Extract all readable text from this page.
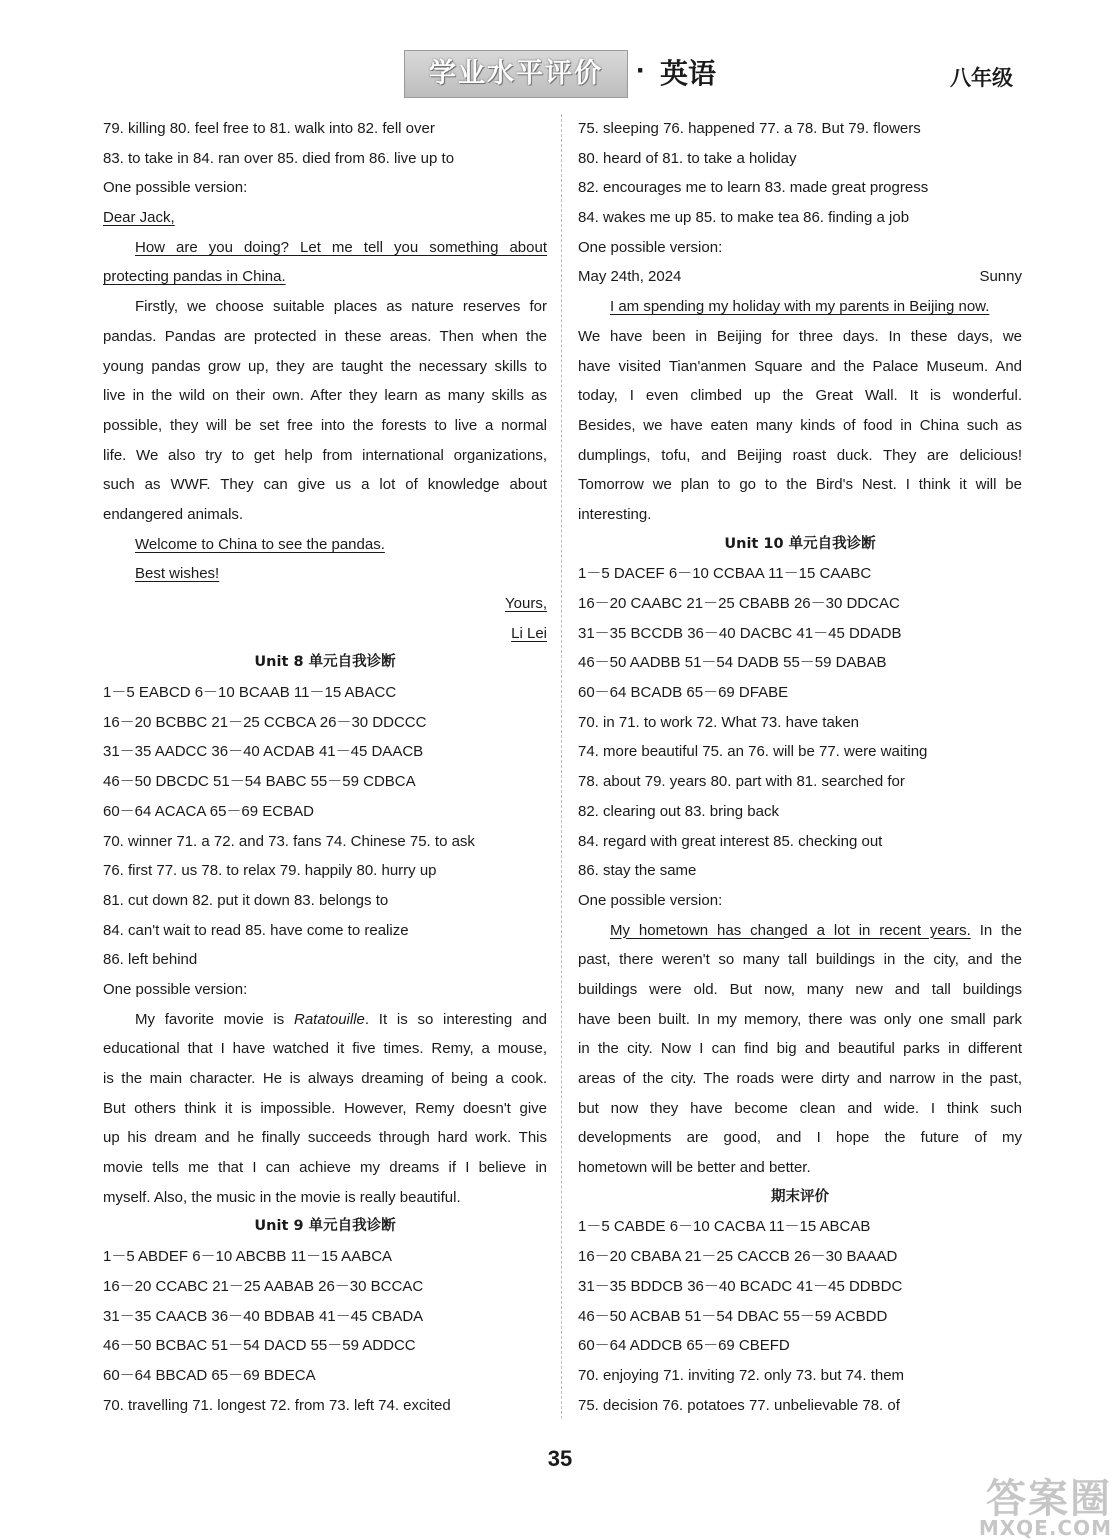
学业水平评价	· 英语	八年级
79. killing 80. feel free to 81. walk into 82. fell over
83. to take in 84. ran over 85. died from 86. live up to
One possible version:
Dear Jack,
How are you doing? Let me tell you something about
protecting pandas in China.
Firstly, we choose suitable places as nature reserves for
pandas. Pandas are protected in these areas. Then when the
young pandas grow up, they are taught the necessary skills to
live in the wild on their own. After they learn as many skills as
possible, they will be set free into the forests to live a normal
life. We also try to get help from international organizations,
such as WWF. They can give us a lot of knowledge about
endangered animals.
Welcome to China to see the pandas.
Best wishes!
Yours,
Li Lei
Unit 8 单元自我诊断
1－5 EABCD 6－10 BCAAB 11－15 ABACC
16－20 BCBBC 21－25 CCBCA 26－30 DDCCC
31－35 AADCC 36－40 ACDAB 41－45 DAACB
46－50 DBCDC 51－54 BABC 55－59 CDBCA
60－64 ACACA 65－69 ECBAD
70. winner 71. a 72. and 73. fans 74. Chinese 75. to ask
76. first 77. us 78. to relax 79. happily 80. hurry up
81. cut down 82. put it down 83. belongs to
84. can't wait to read 85. have come to realize
86. left behind
One possible version:
My favorite movie is Ratatouille. It is so interesting and
educational that I have watched it five times. Remy, a mouse,
is the main character. He is always dreaming of being a cook.
But others think it is impossible. However, Remy doesn't give
up his dream and he finally succeeds through hard work. This
movie tells me that I can achieve my dreams if I believe in
myself. Also, the music in the movie is really beautiful.
Unit 9 单元自我诊断
1－5 ABDEF 6－10 ABCBB 11－15 AABCA
16－20 CCABC 21－25 AABAB 26－30 BCCAC
31－35 CAACB 36－40 BDBAB 41－45 CBADA
46－50 BCBAC 51－54 DACD 55－59 ADDCC
60－64 BBCAD 65－69 BDECA
70. travelling 71. longest 72. from 73. left 74. excited
75. sleeping 76. happened 77. a 78. But 79. flowers
80. heard of 81. to take a holiday
82. encourages me to learn 83. made great progress
84. wakes me up 85. to make tea 86. finding a job
One possible version:
May 24th, 2024	Sunny
I am spending my holiday with my parents in Beijing now.
We have been in Beijing for three days. In these days, we
have visited Tian'anmen Square and the Palace Museum. And
today, I even climbed up the Great Wall. It is wonderful.
Besides, we have eaten many kinds of food in China such as
dumplings, tofu, and Beijing roast duck. They are delicious!
Tomorrow we plan to go to the Bird's Nest. I think it will be
interesting.
Unit 10 单元自我诊断
1－5 DACEF 6－10 CCBAA 11－15 CAABC
16－20 CAABC 21－25 CBABB 26－30 DDCAC
31－35 BCCDB 36－40 DACBC 41－45 DDADB
46－50 AADBB 51－54 DADB 55－59 DABAB
60－64 BCADB 65－69 DFABE
70. in 71. to work 72. What 73. have taken
74. more beautiful 75. an 76. will be 77. were waiting
78. about 79. years 80. part with 81. searched for
82. clearing out 83. bring back
84. regard with great interest 85. checking out
86. stay the same
One possible version:
My hometown has changed a lot in recent years. In the
past, there weren't so many tall buildings in the city, and the
buildings were old. But now, many new and tall buildings
have been built. In my memory, there was only one small park
in the city. Now I can find big and beautiful parks in different
areas of the city. The roads were dirty and narrow in the past,
but now they have become clean and wide. I think such
developments are good, and I hope the future of my
hometown will be better and better.
期末评价
1－5 CABDE 6－10 CACBA 11－15 ABCAB
16－20 CBABA 21－25 CACCB 26－30 BAAAD
31－35 BDDCB 36－40 BCADC 41－45 DDBDC
46－50 ACBAB 51－54 DBAC 55－59 ACBDD
60－64 ADDCB 65－69 CBEFD
70. enjoying 71. inviting 72. only 73. but 74. them
75. decision 76. potatoes 77. unbelievable 78. of
35
答案圈
MXQE.COM
